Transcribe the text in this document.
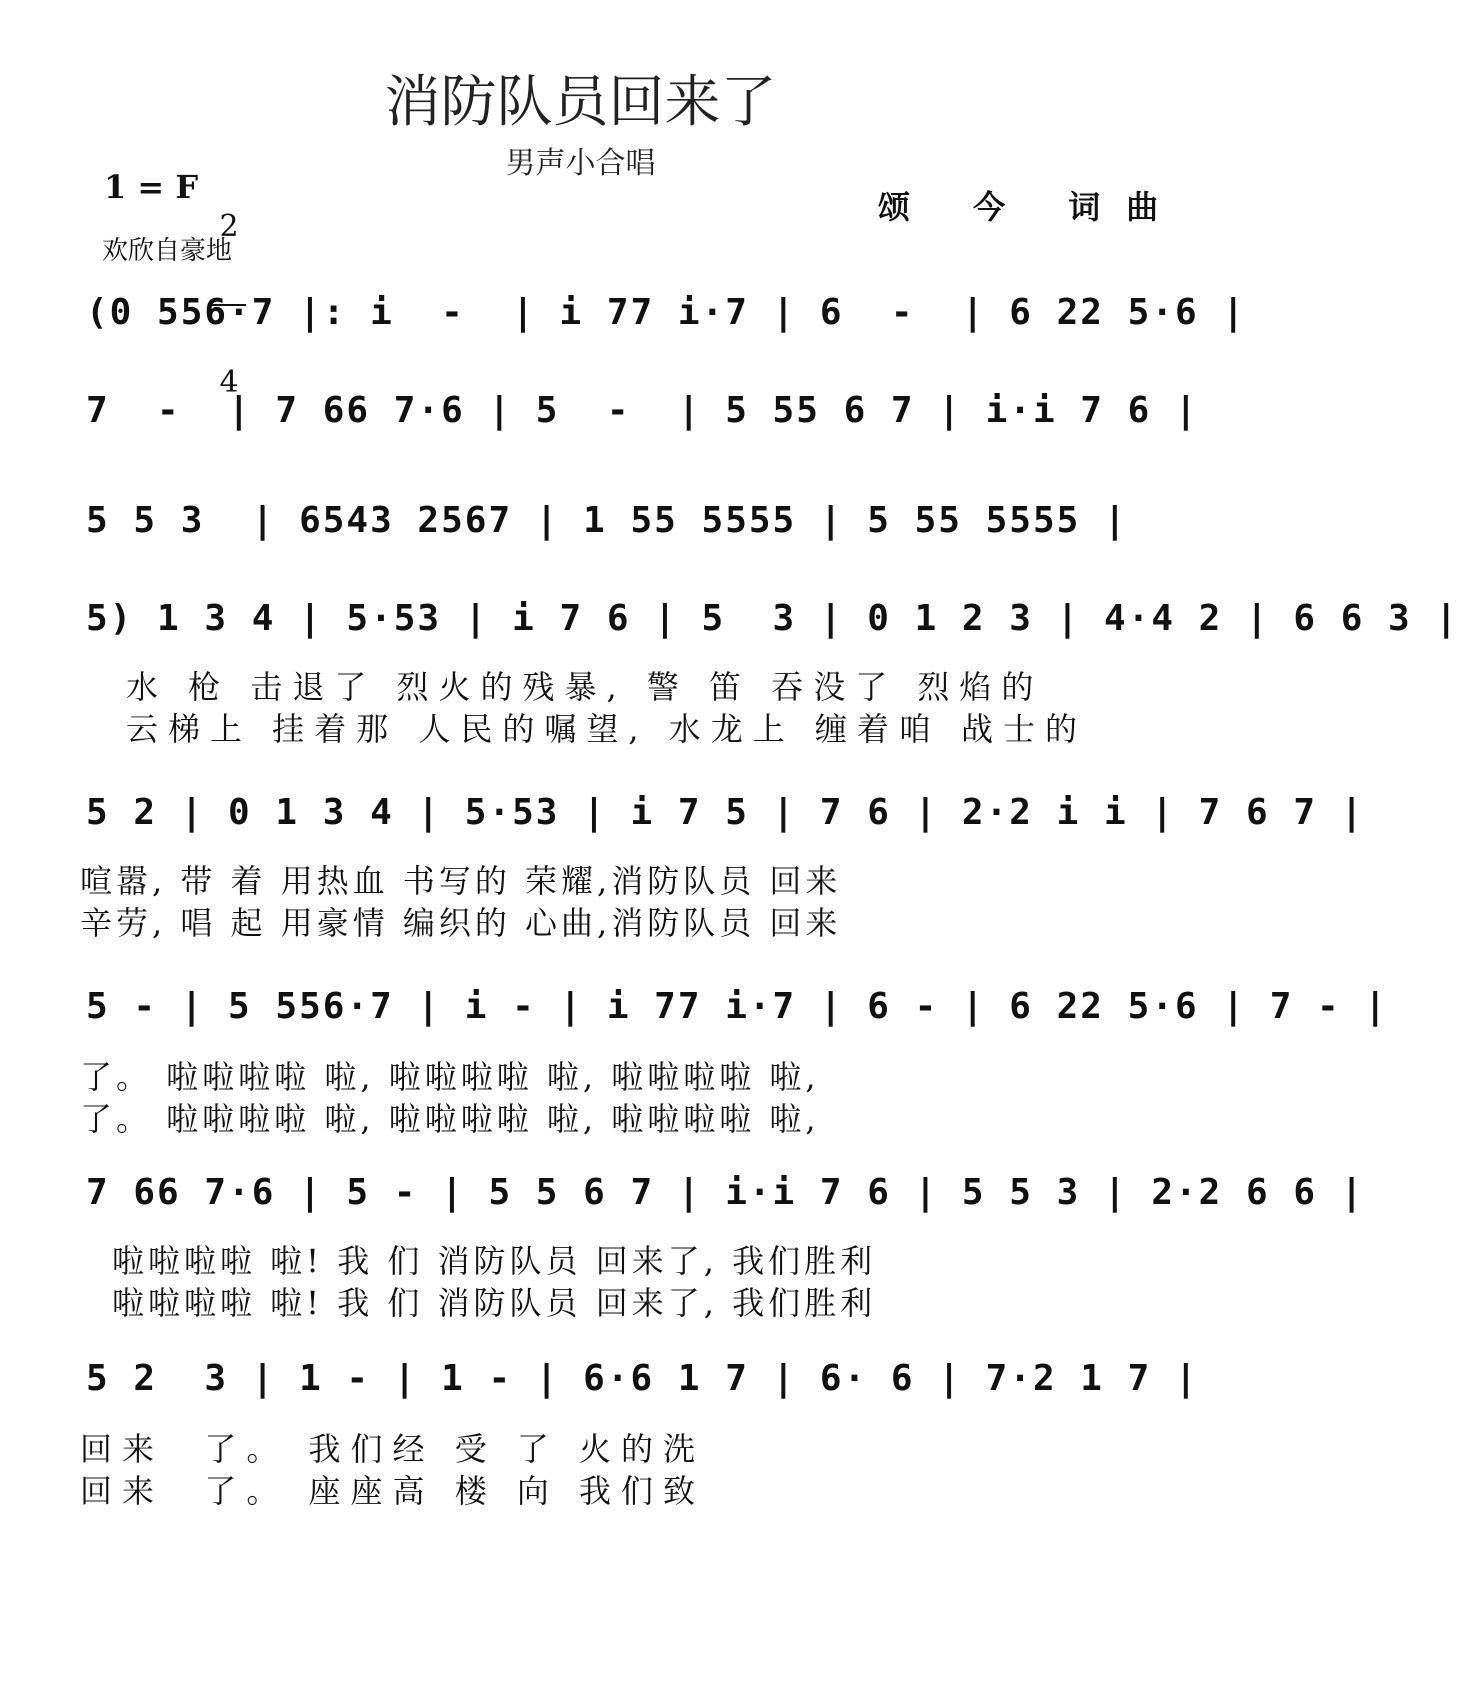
消防队员回来了
男声小合唱
1 = F

2

4

颂 今 词曲
欢欣自豪地
(0 556·7 |: i  -  | i 77 i·7 | 6  -  | 6 22 5·6 |
7  -  | 7 66 7·6 | 5  -  | 5 55 6 7 | i·i 7 6 |
5 5 3  | 6543 2567 | 1 55 5555 | 5 55 5555 |
5) 1 3 4 | 5·53 | i 7 6 | 5  3 | 0 1 2 3 | 4·4 2 | 6 6 3 |
水 枪 击退了 烈火的残暴, 警 笛 吞没了 烈焰的
云梯上 挂着那 人民的嘱望, 水龙上 缠着咱 战士的
5 2 | 0 1 3 4 | 5·53 | i 7 5 | 7 6 | 2·2 i i | 7 6 7 |
喧嚣, 带 着 用热血 书写的 荣耀,消防队员 回来
辛劳, 唱 起 用豪情 编织的 心曲,消防队员 回来
5 - | 5 556·7 | i - | i 77 i·7 | 6 - | 6 22 5·6 | 7 - |
了。 啦啦啦啦 啦, 啦啦啦啦 啦, 啦啦啦啦 啦,
了。 啦啦啦啦 啦, 啦啦啦啦 啦, 啦啦啦啦 啦,
7 66 7·6 | 5 - | 5 5 6 7 | i·i 7 6 | 5 5 3 | 2·2 6 6 |
啦啦啦啦 啦! 我 们 消防队员 回来了, 我们胜利
啦啦啦啦 啦! 我 们 消防队员 回来了, 我们胜利
5 2  3 | 1 - | 1 - | 6·6 1 7 | 6· 6 | 7·2 1 7 |
回来  了。 我们经 受 了 火的洗
回来  了。 座座高 楼 向 我们致
